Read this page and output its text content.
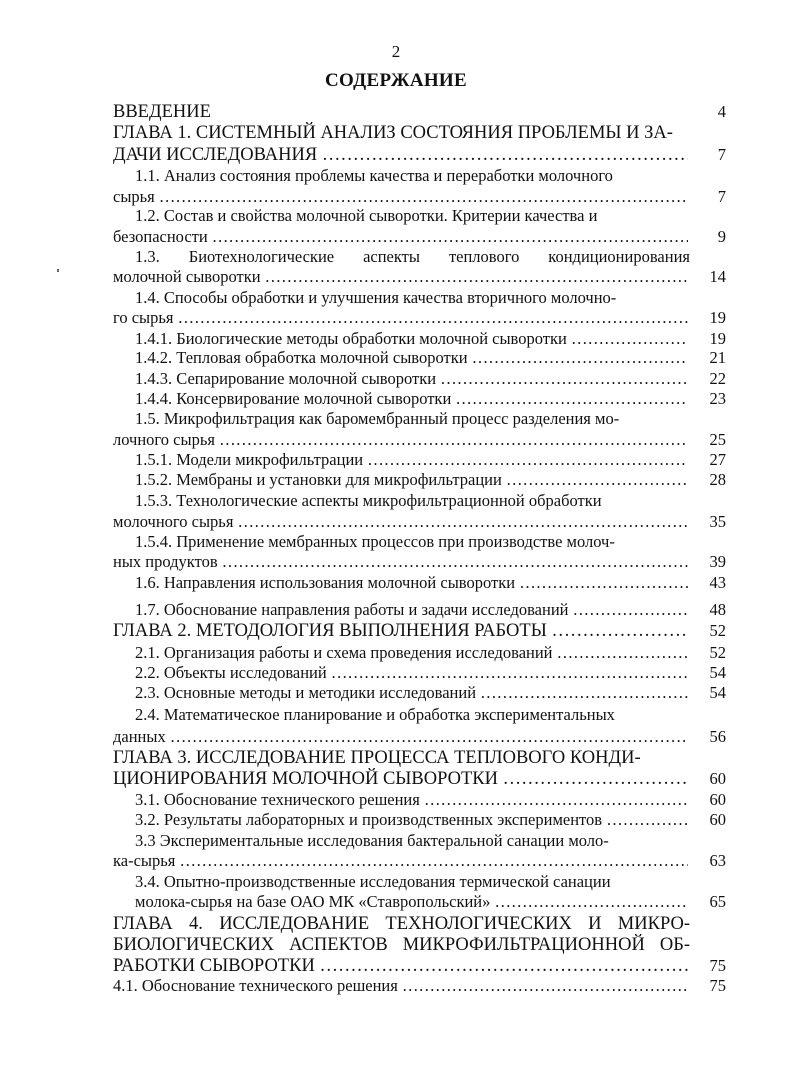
2
СОДЕРЖАНИЕ
ВВЕДЕНИЕ	4
ГЛАВА 1. СИСТЕМНЫЙ АНАЛИЗ СОСТОЯНИЯ ПРОБЛЕМЫ И ЗА-
ДАЧИ ИССЛЕДОВАНИЯ ……………………………………………………………………………………………………………………………………………………………	7
1.1. Анализ состояния проблемы качества и переработки молочного
сырья ……………………………………………………………………………………………………………………………………………………………	7
1.2. Состав и свойства молочной сыворотки. Критерии качества и
безопасности ……………………………………………………………………………………………………………………………………………………………	9
1.3. Биотехнологические аспекты теплового кондиционирования
молочной сыворотки ……………………………………………………………………………………………………………………………………………………………	14
1.4. Способы обработки и улучшения качества вторичного молочно-
го сырья ……………………………………………………………………………………………………………………………………………………………	19
1.4.1. Биологические методы обработки молочной сыворотки ……………………………………………………………………………………………………………………………………………………………	19
1.4.2. Тепловая обработка молочной сыворотки ……………………………………………………………………………………………………………………………………………………………	21
1.4.3. Сепарирование молочной сыворотки ……………………………………………………………………………………………………………………………………………………………	22
1.4.4. Консервирование молочной сыворотки ……………………………………………………………………………………………………………………………………………………………	23
1.5. Микрофильтрация как баромембранный процесс разделения мо-
лочного сырья ……………………………………………………………………………………………………………………………………………………………	25
1.5.1. Модели микрофильтрации ……………………………………………………………………………………………………………………………………………………………	27
1.5.2. Мембраны и установки для микрофильтрации ……………………………………………………………………………………………………………………………………………………………	28
1.5.3. Технологические аспекты микрофильтрационной обработки
молочного сырья ……………………………………………………………………………………………………………………………………………………………	35
1.5.4. Применение мембранных процессов при производстве молоч-
ных продуктов ……………………………………………………………………………………………………………………………………………………………	39
1.6. Направления использования молочной сыворотки ……………………………………………………………………………………………………………………………………………………………	43
1.7. Обоснование направления работы и задачи исследований ……………………………………………………………………………………………………………………………………………………………	48
ГЛАВА 2. МЕТОДОЛОГИЯ ВЫПОЛНЕНИЯ РАБОТЫ ……………………………………………………………………………………………………………………………………………………………	52
2.1. Организация работы и схема проведения исследований ……………………………………………………………………………………………………………………………………………………………	52
2.2. Объекты исследований ……………………………………………………………………………………………………………………………………………………………	54
2.3. Основные методы и методики исследований ……………………………………………………………………………………………………………………………………………………………	54
2.4. Математическое планирование и обработка экспериментальных
данных ……………………………………………………………………………………………………………………………………………………………	56
ГЛАВА 3. ИССЛЕДОВАНИЕ ПРОЦЕССА ТЕПЛОВОГО КОНДИ-
ЦИОНИРОВАНИЯ МОЛОЧНОЙ СЫВОРОТКИ ……………………………………………………………………………………………………………………………………………………………	60
3.1. Обоснование технического решения ……………………………………………………………………………………………………………………………………………………………	60
3.2. Результаты лабораторных и производственных экспериментов ……………………………………………………………………………………………………………………………………………………………	60
3.3 Экспериментальные исследования бактеральной санации моло-
ка-сырья ……………………………………………………………………………………………………………………………………………………………	63
3.4. Опытно-производственные исследования термической санации
молока-сырья на базе ОАО МК «Ставропольский» ……………………………………………………………………………………………………………………………………………………………	65
ГЛАВА 4. ИССЛЕДОВАНИЕ ТЕХНОЛОГИЧЕСКИХ И МИКРО-
БИОЛОГИЧЕСКИХ АСПЕКТОВ МИКРОФИЛЬТРАЦИОННОЙ ОБ-
РАБОТКИ СЫВОРОТКИ ……………………………………………………………………………………………………………………………………………………………	75
4.1. Обоснование технического решения ……………………………………………………………………………………………………………………………………………………………	75
